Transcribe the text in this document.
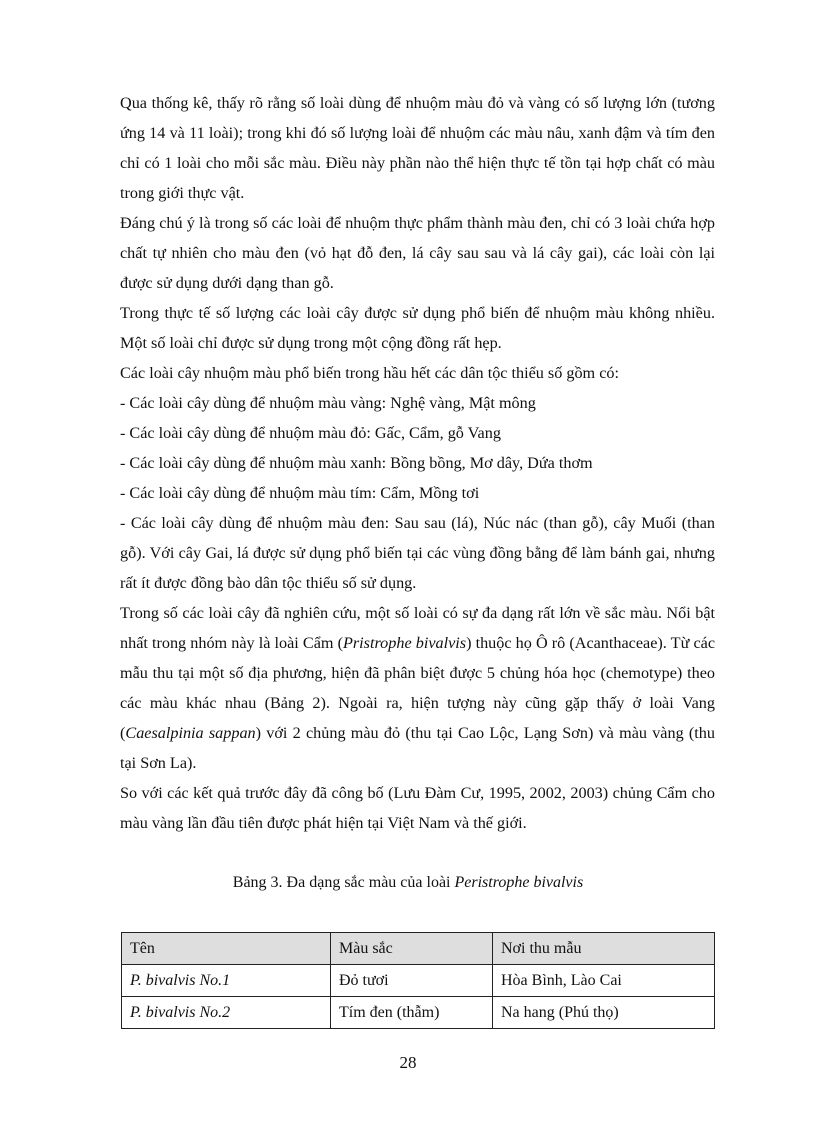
Qua thống kê, thấy rõ rằng số loài dùng để nhuộm màu đỏ và vàng có số lượng lớn (tương ứng 14 và 11 loài); trong khi đó số lượng loài để nhuộm các màu nâu, xanh đậm và tím đen chỉ có 1 loài cho mỗi sắc màu. Điều này phần nào thể hiện thực tế tồn tại hợp chất có màu trong giới thực vật.

Đáng chú ý là trong số các loài để nhuộm thực phẩm thành màu đen, chỉ có 3 loài chứa hợp chất tự nhiên cho màu đen (vỏ hạt đỗ đen, lá cây sau sau và lá cây gai), các loài còn lại được sử dụng dưới dạng than gỗ.

Trong thực tế số lượng các loài cây được sử dụng phổ biến để nhuộm màu không nhiều. Một số loài chỉ được sử dụng trong một cộng đồng rất hẹp.

Các loài cây nhuộm màu phổ biến trong hầu hết các dân tộc thiểu số gồm có:

- Các loài cây dùng để nhuộm màu vàng: Nghệ vàng, Mật mông

- Các loài cây dùng để nhuộm màu đỏ: Gấc, Cẩm, gỗ Vang

- Các loài cây dùng để nhuộm màu xanh: Bồng bồng, Mơ dây, Dứa thơm

- Các loài cây dùng để nhuộm màu tím: Cẩm, Mồng tơi

- Các loài cây dùng để nhuộm màu đen: Sau sau (lá), Núc nác (than gỗ), cây Muối (than gỗ). Với cây Gai, lá được sử dụng phổ biến tại các vùng đồng bằng để làm bánh gai, nhưng rất ít được đồng bào dân tộc thiểu số sử dụng.

Trong số các loài cây đã nghiên cứu, một số loài có sự đa dạng rất lớn về sắc màu. Nổi bật nhất trong nhóm này là loài Cẩm (Pristrophe bivalvis) thuộc họ Ô rô (Acanthaceae). Từ các mẫu thu tại một số địa phương, hiện đã phân biệt được 5 chủng hóa học (chemotype) theo các màu khác nhau (Bảng 2). Ngoài ra, hiện tượng này cũng gặp thấy ở loài Vang (Caesalpinia sappan) với 2 chủng màu đỏ (thu tại Cao Lộc, Lạng Sơn) và màu vàng (thu tại Sơn La).

So với các kết quả trước đây đã công bố (Lưu Đàm Cư, 1995, 2002, 2003) chủng Cẩm cho màu vàng lần đầu tiên được phát hiện tại Việt Nam và thế giới.

Bảng 3. Đa dạng sắc màu của loài Peristrophe bivalvis
Tên	Màu sắc	Nơi thu mẫu
P. bivalvis No.1	Đỏ tươi	Hòa Bình, Lào Cai
P. bivalvis No.2	Tím đen (thẫm)	Na hang (Phú thọ)
28
